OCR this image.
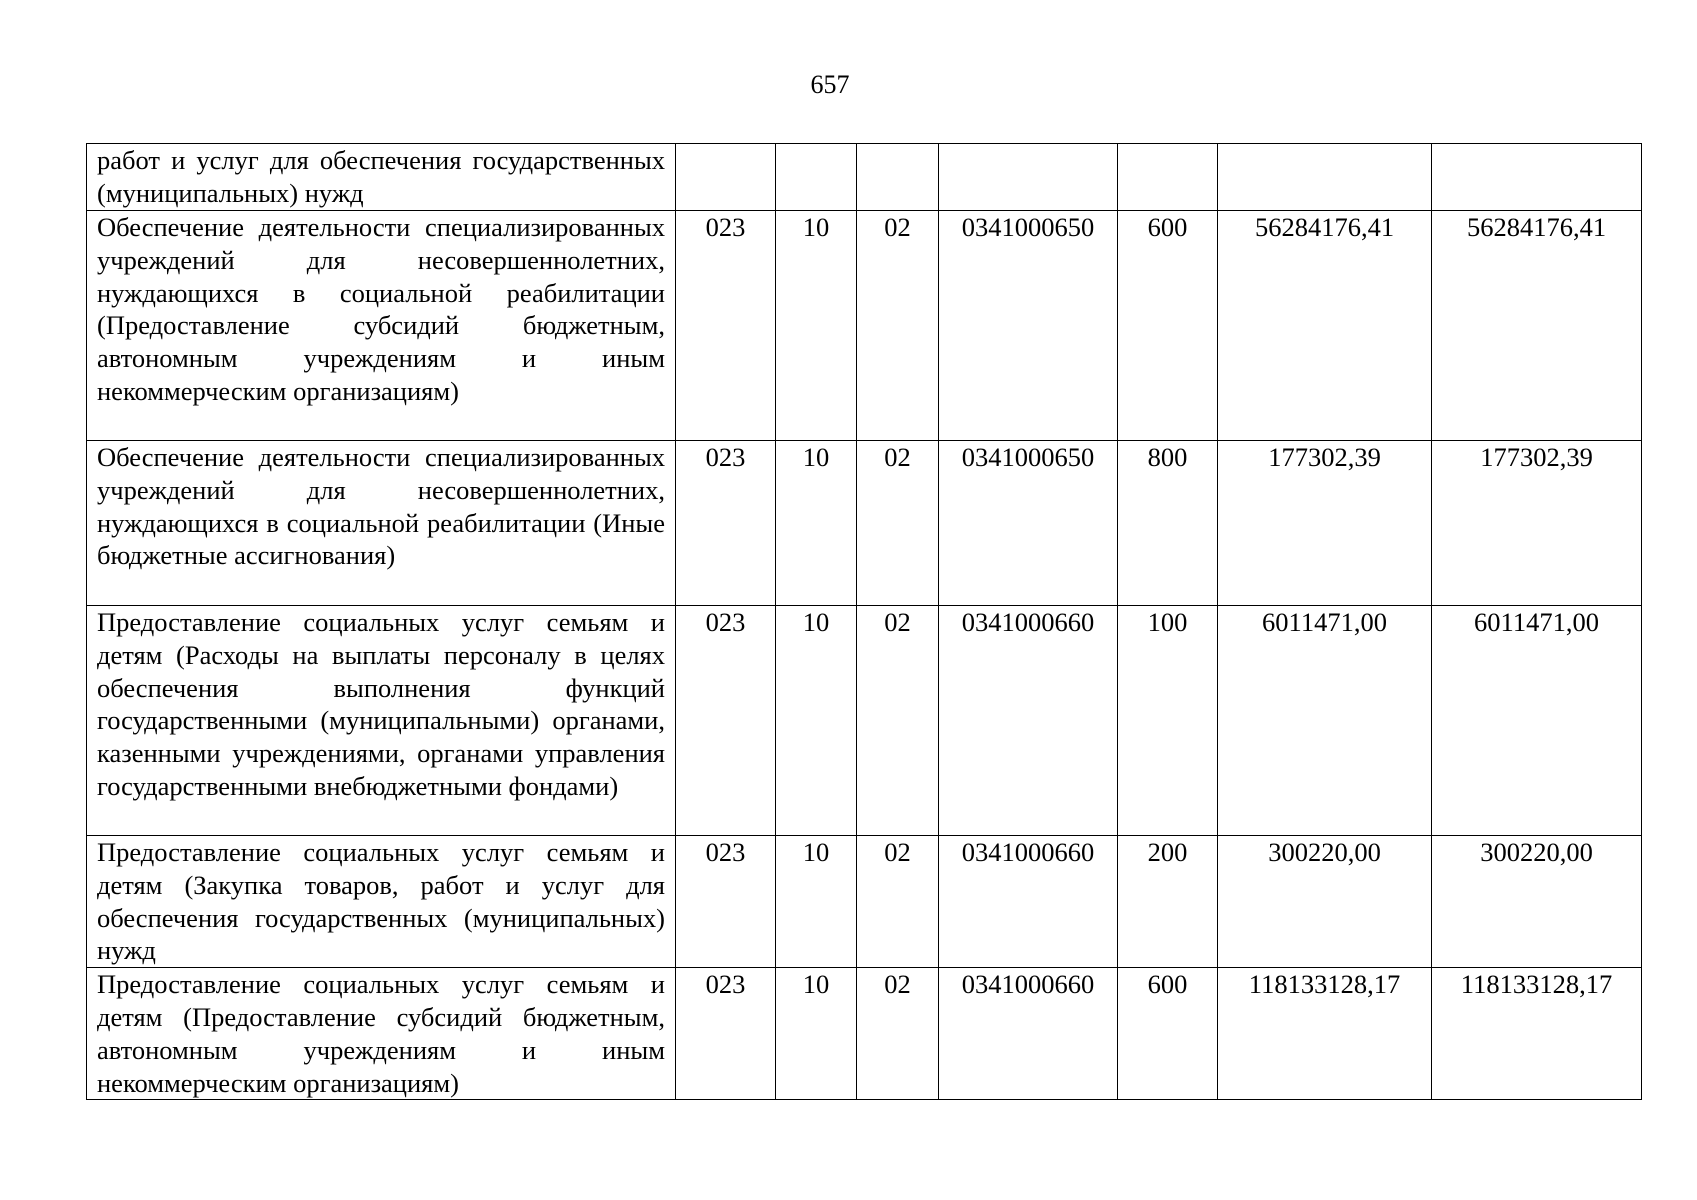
657
работ и услуг для обеспечения государственных (муниципальных) нужд							
Обеспечение деятельности специализированных учреждений для несовершеннолетних, нуждающихся в социальной реабилитации (Предоставление субсидий бюджетным, автономным учреждениям и иным некоммерческим организациям)	023	10	02	0341000650	600	56284176,41	56284176,41
Обеспечение деятельности специализированных учреждений для несовершеннолетних, нуждающихся в социальной реабилитации (Иные бюджетные ассигнования)	023	10	02	0341000650	800	177302,39	177302,39
Предоставление социальных услуг семьям и детям (Расходы на выплаты персоналу в целях обеспечения выполнения функций государственными (муниципальными) органами, казенными учреждениями, органами управления государственными внебюджетными фондами)	023	10	02	0341000660	100	6011471,00	6011471,00
Предоставление социальных услуг семьям и детям (Закупка товаров, работ и услуг для обеспечения государственных (муниципальных) нужд	023	10	02	0341000660	200	300220,00	300220,00
Предоставление социальных услуг семьям и детям (Предоставление субсидий бюджетным, автономным учреждениям и иным некоммерческим организациям)	023	10	02	0341000660	600	118133128,17	118133128,17
